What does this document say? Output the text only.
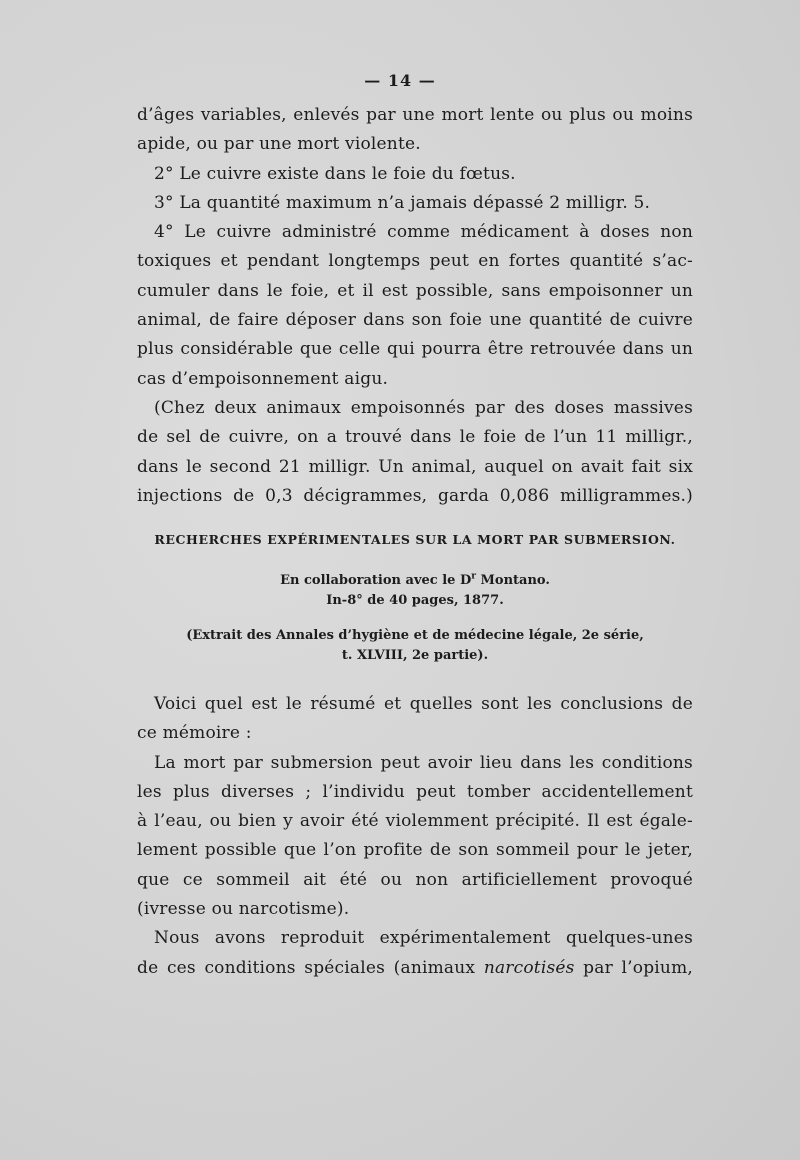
— 14 —
d’âges variables, enlevés par une mort lente ou plus ou moins
apide, ou par une mort violente.
2° Le cuivre existe dans le foie du fœtus.
3° La quantité maximum n’a jamais dépassé 2 milligr. 5.
4° Le cuivre administré comme médicament à doses non
toxiques et pendant longtemps peut en fortes quantité s’ac-
cumuler dans le foie, et il est possible, sans empoisonner un
animal, de faire déposer dans son foie une quantité de cuivre
plus considérable que celle qui pourra être retrouvée dans un
cas d’empoisonnement aigu.
(Chez deux animaux empoisonnés par des doses massives
de sel de cuivre, on a trouvé dans le foie de l’un 11 milligr.,
dans le second 21 milligr. Un animal, auquel on avait fait six
injections de 0,3 décigrammes, garda 0,086 milligrammes.)
RECHERCHES EXPÉRIMENTALES SUR LA MORT PAR SUBMERSION.
En collaboration avec le $D^r$ Montano.
In-8° de 40 pages, 1877.
(Extrait des Annales d’hygiène et de médecine légale, 2e série,
t. XLVIII, 2e partie).
Voici quel est le résumé et quelles sont les conclusions de
ce mémoire :
La mort par submersion peut avoir lieu dans les conditions
les plus diverses ; l’individu peut tomber accidentellement
à l’eau, ou bien y avoir été violemment précipité. Il est égale-
lement possible que l’on profite de son sommeil pour le jeter,
que ce sommeil ait été ou non artificiellement provoqué
(ivresse ou narcotisme).
Nous avons reproduit expérimentalement quelques-unes
de ces conditions spéciales (animaux narcotisés par l’opium,
